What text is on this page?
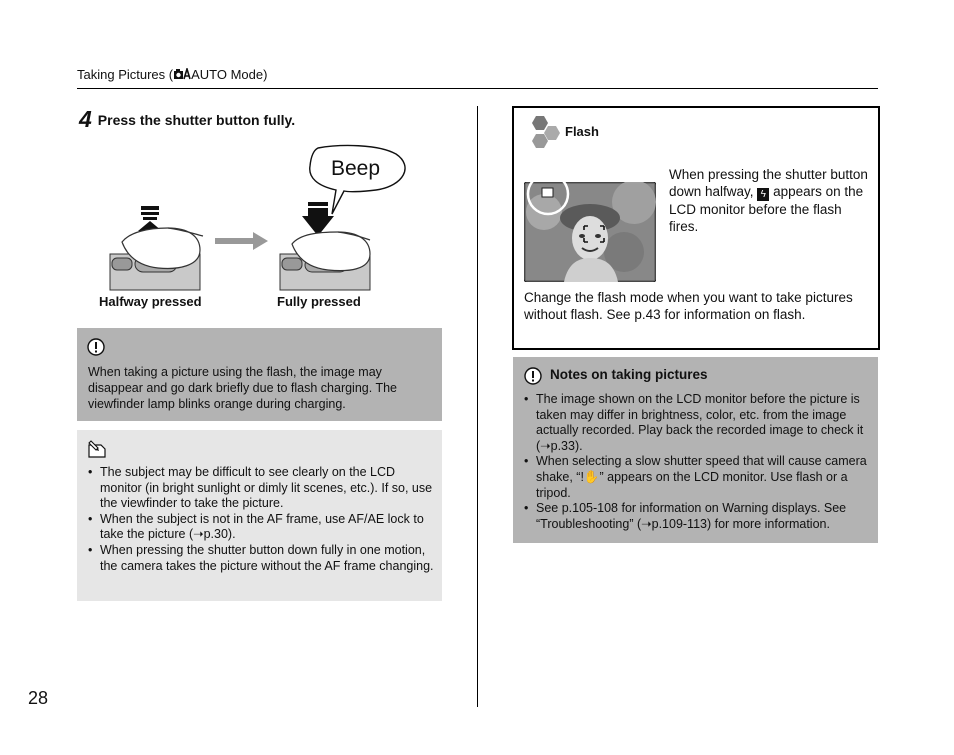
Taking Pictures ( AUTO Mode)
28
4 Press the shutter button fully.
Beep
Halfway pressed	Fully pressed
When taking a picture using the flash, the image may disappear and go dark briefly due to flash charging. The viewfinder lamp blinks orange during charging.
• The subject may be difficult to see clearly on the LCD monitor (in bright sunlight or dimly lit scenes, etc.). If so, use the viewfinder to take the picture.
• When the subject is not in the AF frame, use AF/AE lock to take the picture (➝p.30).
• When pressing the shutter button down fully in one motion, the camera takes the picture without the AF frame changing.
Flash
When pressing the shutter button down halfway, ϟ appears on the LCD monitor before the flash fires.
Change the flash mode when you want to take pictures without flash. See p.43 for information on flash.
Notes on taking pictures
• The image shown on the LCD monitor before the picture is taken may differ in brightness, color, etc. from the image actually recorded. Play back the recorded image to check it (➝p.33).
• When selecting a slow shutter speed that will cause camera shake, “!✋” appears on the LCD monitor. Use flash or a tripod.
• See p.105-108 for information on Warning displays. See “Troubleshooting” (➝p.109-113) for more information.
